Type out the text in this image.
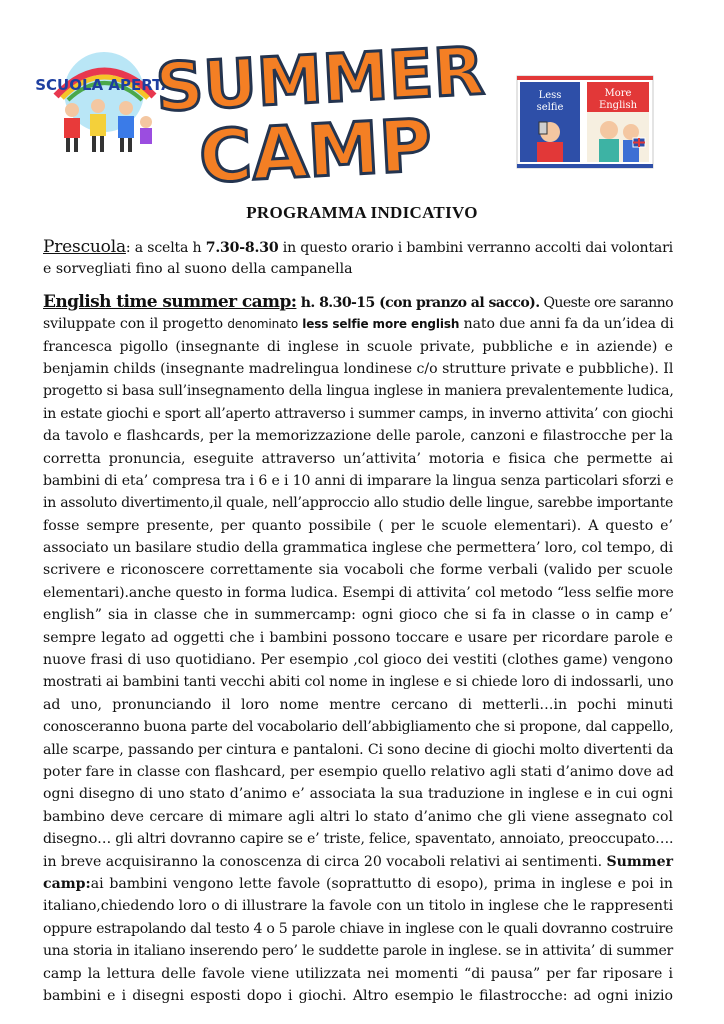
SCUOLA APERTA
SUMMER
CAMP
Less
selfie
More
English
PROGRAMMA INDICATIVO
Prescuola: a scelta h 7.30-8.30 in questo orario i bambini verranno accolti dai volontari
e sorvegliati fino al suono della campanella
English time summer camp: h. 8.30-15 (con pranzo al sacco). Queste ore saranno
sviluppate con il progetto denominato less selfie more english nato due anni fa da un’idea di
francesca pigollo (insegnante di inglese in scuole private, pubbliche e in aziende) e
benjamin childs (insegnante madrelingua londinese c/o strutture private e pubbliche). Il
progetto si basa sull’insegnamento della lingua inglese in maniera prevalentemente ludica,
in estate giochi e sport all’aperto attraverso i summer camps, in inverno attivita’ con giochi
da tavolo e flashcards, per la memorizzazione delle parole, canzoni e filastrocche per la
corretta pronuncia, eseguite attraverso un’attivita’ motoria e fisica che permette ai
bambini di eta’ compresa tra i 6 e i 10 anni di imparare la lingua senza particolari sforzi e
in assoluto divertimento,il quale, nell’approccio allo studio delle lingue, sarebbe importante
fosse sempre presente, per quanto possibile ( per le scuole elementari). A questo e’
associato un basilare studio della grammatica inglese che permettera’ loro, col tempo, di
scrivere e riconoscere correttamente sia vocaboli che forme verbali (valido per scuole
elementari).anche questo in forma ludica. Esempi di attivita’ col metodo “less selfie more
english” sia in classe che in summercamp: ogni gioco che si fa in classe o in camp e’
sempre legato ad oggetti che i bambini possono toccare e usare per ricordare parole e
nuove frasi di uso quotidiano. Per esempio ,col gioco dei vestiti (clothes game) vengono
mostrati ai bambini tanti vecchi abiti col nome in inglese e si chiede loro di indossarli, uno
ad uno, pronunciando il loro nome mentre cercano di metterli…in pochi minuti
conosceranno buona parte del vocabolario dell’abbigliamento che si propone, dal cappello,
alle scarpe, passando per cintura e pantaloni. Ci sono decine di giochi molto divertenti da
poter fare in classe con flashcard, per esempio quello relativo agli stati d’animo dove ad
ogni disegno di uno stato d’animo e’ associata la sua traduzione in inglese e in cui ogni
bambino deve cercare di mimare agli altri lo stato d’animo che gli viene assegnato col
disegno… gli altri dovranno capire se e’ triste, felice, spaventato, annoiato, preoccupato….
in breve acquisiranno la conoscenza di circa 20 vocaboli relativi ai sentimenti. Summer
camp:ai bambini vengono lette favole (soprattutto di esopo), prima in inglese e poi in
italiano,chiedendo loro o di illustrare la favole con un titolo in inglese che le rappresenti
oppure estrapolando dal testo 4 o 5 parole chiave in inglese con le quali dovranno costruire
una storia in italiano inserendo pero’ le suddette parole in inglese. se in attivita’ di summer
camp la lettura delle favole viene utilizzata nei momenti “di pausa” per far riposare i
bambini e i disegni esposti dopo i giochi. Altro esempio le filastrocche: ad ogni inizio
